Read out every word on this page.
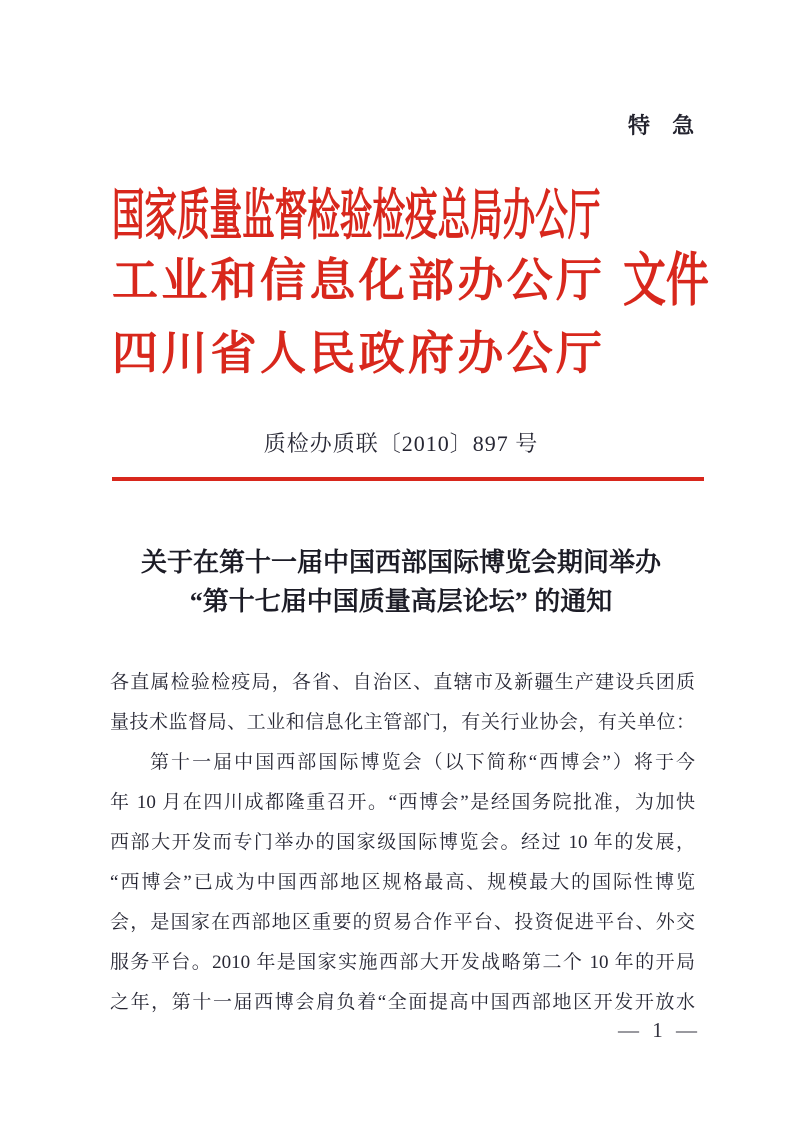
特 急
国家质量监督检验检疫总局办公厅
工业和信息化部办公厅
四川省人民政府办公厅
文件
质检办质联〔2010〕897 号
关于在第十一届中国西部国际博览会期间举办
“第十七届中国质量高层论坛” 的通知
各直属检验检疫局，各省、自治区、直辖市及新疆生产建设兵团质
量技术监督局、工业和信息化主管部门，有关行业协会，有关单位：
第十一届中国西部国际博览会（以下简称“西博会”）将于今
年 10 月在四川成都隆重召开。“西博会”是经国务院批准，为加快
西部大开发而专门举办的国家级国际博览会。经过 10 年的发展，
“西博会”已成为中国西部地区规格最高、规模最大的国际性博览
会，是国家在西部地区重要的贸易合作平台、投资促进平台、外交
服务平台。2010 年是国家实施西部大开发战略第二个 10 年的开局
之年，第十一届西博会肩负着“全面提高中国西部地区开发开放水
— 1 —
